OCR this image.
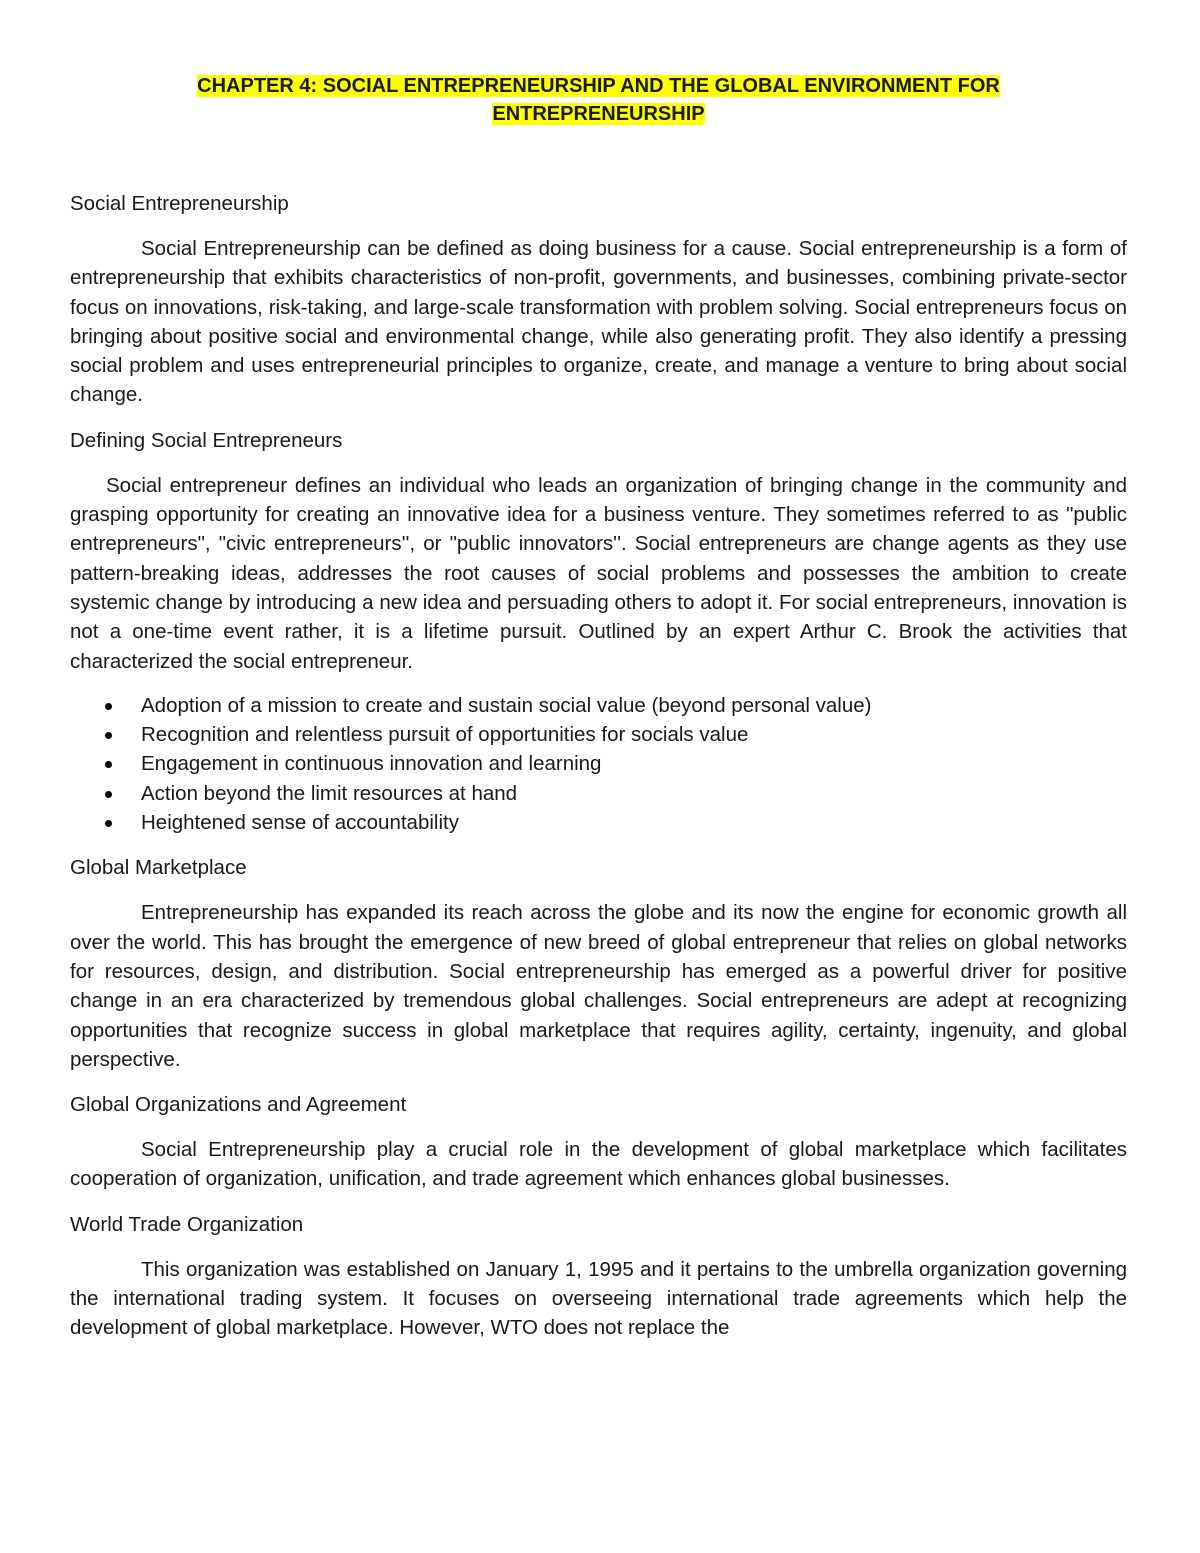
CHAPTER 4: SOCIAL ENTREPRENEURSHIP AND THE GLOBAL ENVIRONMENT FOR
ENTREPRENEURSHIP

Social Entrepreneurship

Social Entrepreneurship can be defined as doing business for a cause. Social entrepreneurship is a form of entrepreneurship that exhibits characteristics of non-profit, governments, and businesses, combining private-sector focus on innovations, risk-taking, and large-scale transformation with problem solving. Social entrepreneurs focus on bringing about positive social and environmental change, while also generating profit. They also identify a pressing social problem and uses entrepreneurial principles to organize, create, and manage a venture to bring about social change.

Defining Social Entrepreneurs

Social entrepreneur defines an individual who leads an organization of bringing change in the community and grasping opportunity for creating an innovative idea for a business venture. They sometimes referred to as "public entrepreneurs", "civic entrepreneurs'', or "public innovators''. Social entrepreneurs are change agents as they use pattern-breaking ideas, addresses the root causes of social problems and possesses the ambition to create systemic change by introducing a new idea and persuading others to adopt it. For social entrepreneurs, innovation is not a one-time event rather, it is a lifetime pursuit. Outlined by an expert Arthur C. Brook the activities that characterized the social entrepreneur.

Adoption of a mission to create and sustain social value (beyond personal value)
Recognition and relentless pursuit of opportunities for socials value
Engagement in continuous innovation and learning
Action beyond the limit resources at hand
Heightened sense of accountability

Global Marketplace

Entrepreneurship has expanded its reach across the globe and its now the engine for economic growth all over the world. This has brought the emergence of new breed of global entrepreneur that relies on global networks for resources, design, and distribution. Social entrepreneurship has emerged as a powerful driver for positive change in an era characterized by tremendous global challenges. Social entrepreneurs are adept at recognizing opportunities that recognize success in global marketplace that requires agility, certainty, ingenuity, and global perspective.

Global Organizations and Agreement

Social Entrepreneurship play a crucial role in the development of global marketplace which facilitates cooperation of organization, unification, and trade agreement which enhances global businesses.

World Trade Organization

This organization was established on January 1, 1995 and it pertains to the umbrella organization governing the international trading system. It focuses on overseeing international trade agreements which help the development of global marketplace. However, WTO does not replace the
